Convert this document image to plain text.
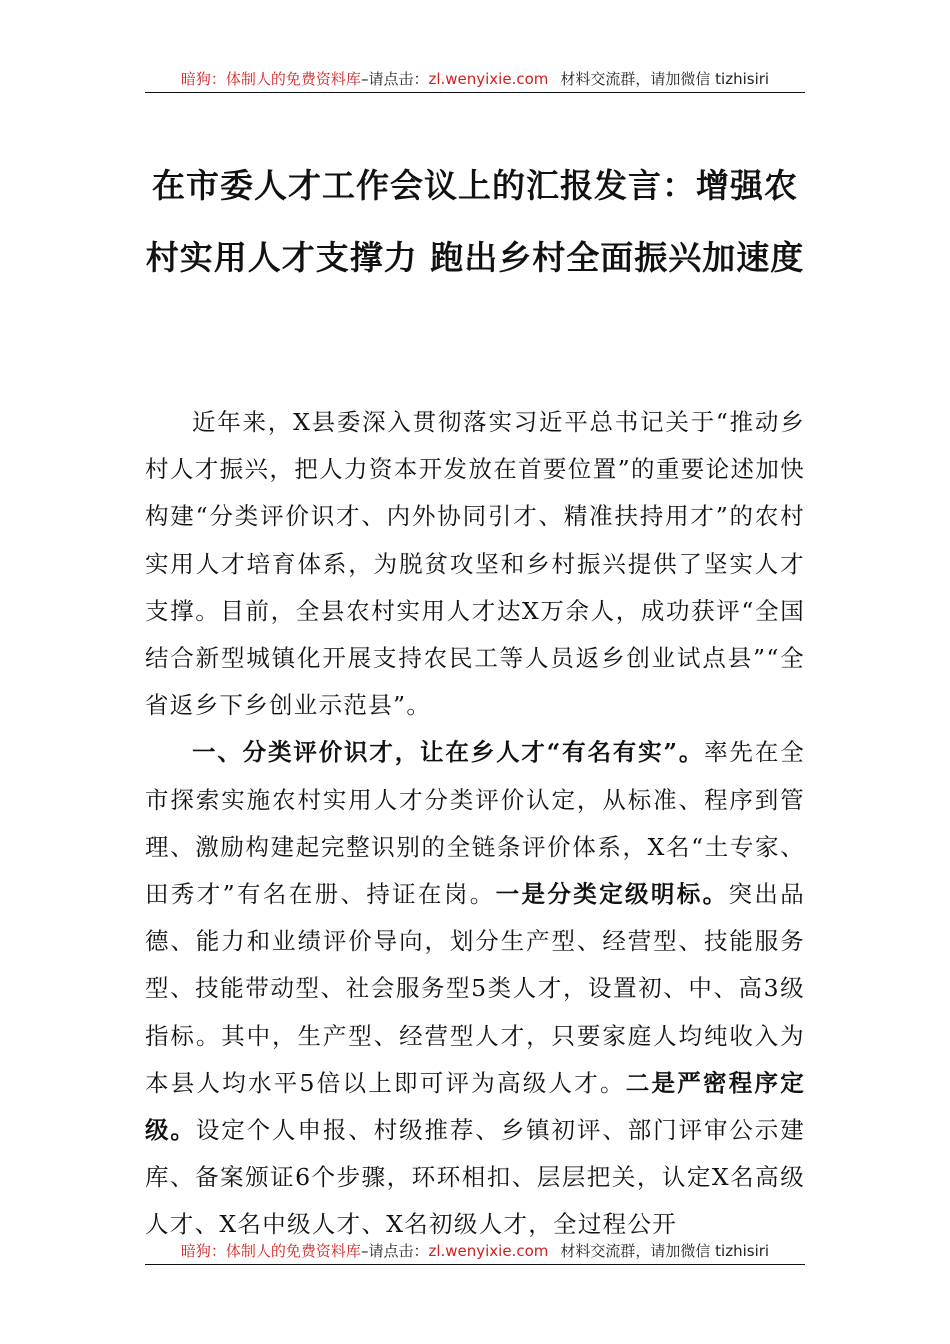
暗狗：体制人的免费资料库–请点击：zl.wenyixie.com 材料交流群，请加微信 tizhisiri
在市委人才工作会议上的汇报发言：增强农村实用人才支撑力 跑出乡村全面振兴加速度

近年来，X县委深入贯彻落实习近平总书记关于“推动乡村人才振兴，把人力资本开发放在首要位置”的重要论述加快构建“分类评价识才、内外协同引才、精准扶持用才”的农村实用人才培育体系，为脱贫攻坚和乡村振兴提供了坚实人才支撑。目前，全县农村实用人才达X万余人，成功获评“全国结合新型城镇化开展支持农民工等人员返乡创业试点县”“全省返乡下乡创业示范县”。

一、分类评价识才，让在乡人才“有名有实”。率先在全市探索实施农村实用人才分类评价认定，从标准、程序到管理、激励构建起完整识别的全链条评价体系，X名“土专家、田秀才”有名在册、持证在岗。一是分类定级明标。突出品德、能力和业绩评价导向，划分生产型、经营型、技能服务型、技能带动型、社会服务型5类人才，设置初、中、高3级指标。其中，生产型、经营型人才，只要家庭人均纯收入为本县人均水平5倍以上即可评为高级人才。二是严密程序定级。设定个人申报、村级推荐、乡镇初评、部门评审公示建库、备案颁证6个步骤，环环相扣、层层把关，认定X名高级人才、X名中级人才、X名初级人才，全过程公开

暗狗：体制人的免费资料库–请点击：zl.wenyixie.com 材料交流群，请加微信 tizhisiri
